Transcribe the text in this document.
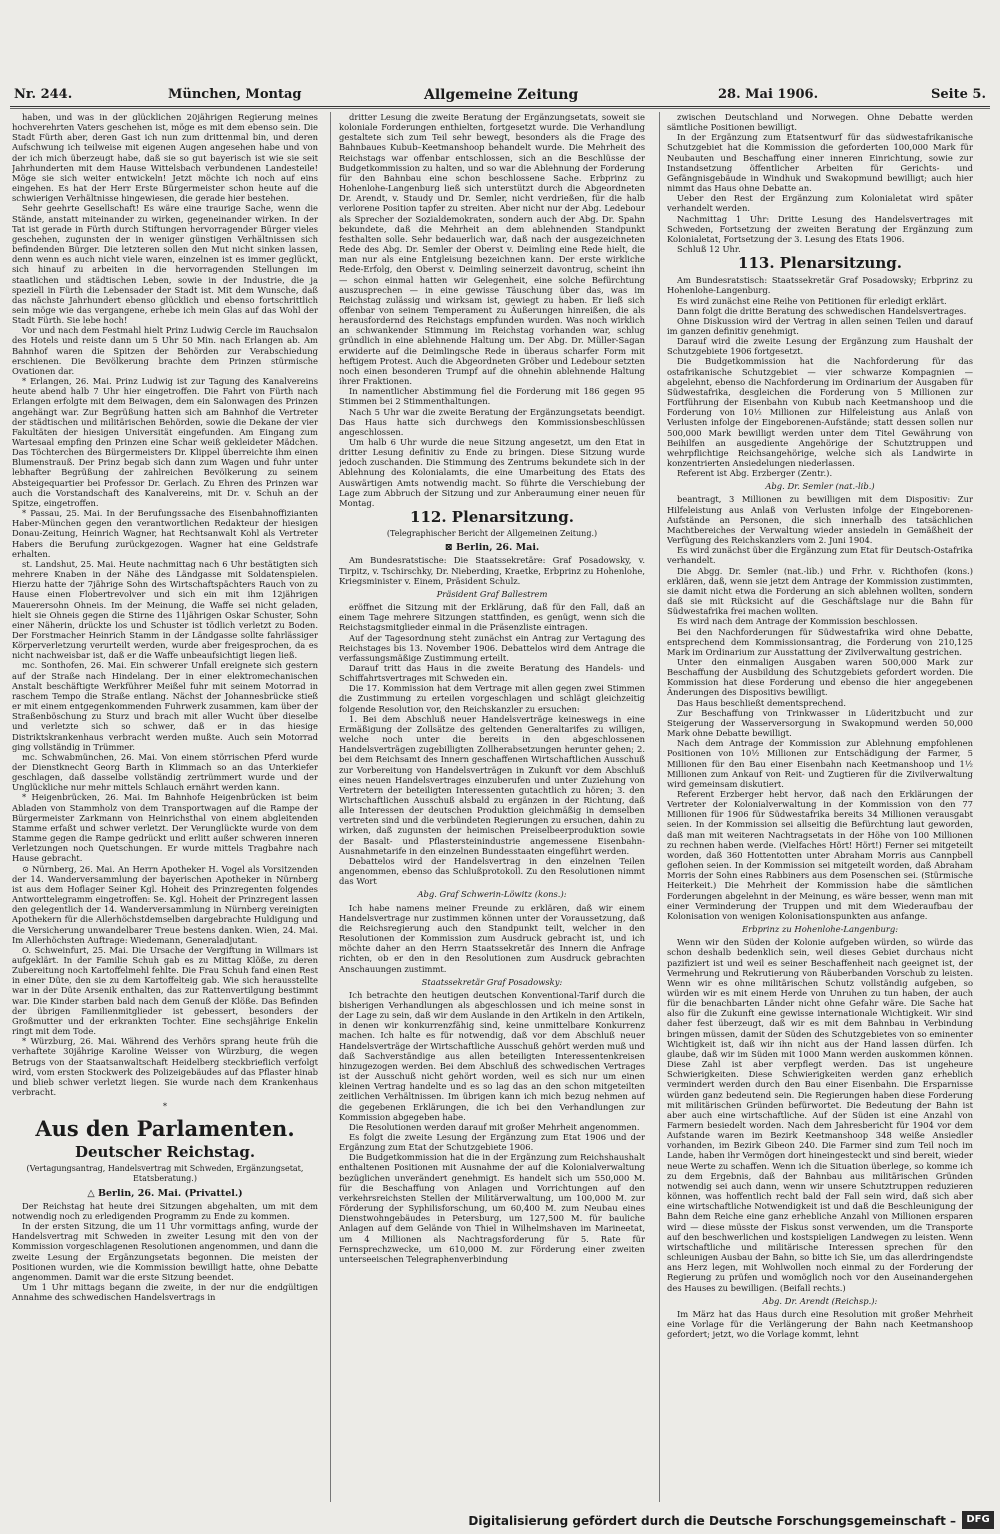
Nr. 244.	München, Montag	Allgemeine Zeitung	28. Mai 1906.	Seite 5.

haben, und was in der glücklichen 20jährigen Regierung meines hochverehrten Vaters geschehen ist, möge es mit dem ebenso sein. Die Stadt Fürth aber, deren Gast ich nun zum drittenmal bin, und deren Aufschwung ich teilweise mit eigenen Augen angesehen habe und von der ich mich überzeugt habe, daß sie so gut bayerisch ist wie sie seit Jahrhunderten mit dem Hause Wittelsbach verbundenen Landesteile! Möge sie sich weiter entwickeln! Jetzt möchte ich noch auf eins eingehen. Es hat der Herr Erste Bürgermeister schon heute auf die schwierigen Verhältnisse hingewiesen, die gerade hier bestehen.

Sehr geehrte Gesellschaft! Es wäre eine traurige Sache, wenn die Stände, anstatt miteinander zu wirken, gegeneinander wirken. In der Tat ist gerade in Fürth durch Stiftungen hervorragender Bürger vieles geschehen, zugunsten der in weniger günstigen Verhältnissen sich befindenden Bürger. Die letzteren sollen den Mut nicht sinken lassen, denn wenn es auch nicht viele waren, einzelnen ist es immer geglückt, sich hinauf zu arbeiten in die hervorragenden Stellungen im staatlichen und städtischen Leben, sowie in der Industrie, die ja speziell in Fürth die Lebensader der Stadt ist. Mit dem Wunsche, daß das nächste Jahrhundert ebenso glücklich und ebenso fortschrittlich sein möge wie das vergangene, erhebe ich mein Glas auf das Wohl der Stadt Fürth. Sie lebe hoch!

Vor und nach dem Festmahl hielt Prinz Ludwig Cercle im Rauchsalon des Hotels und reiste dann um 5 Uhr 50 Min. nach Erlangen ab. Am Bahnhof waren die Spitzen der Behörden zur Verabschiedung erschienen. Die Bevölkerung brachte dem Prinzen stürmische Ovationen dar.

* Erlangen, 26. Mai. Prinz Ludwig ist zur Tagung des Kanalvereins heute abend halb 7 Uhr hier eingetroffen. Die Fahrt von Fürth nach Erlangen erfolgte mit dem Beiwagen, dem ein Salonwagen des Prinzen angehängt war. Zur Begrüßung hatten sich am Bahnhof die Vertreter der städtischen und militärischen Behörden, sowie die Dekane der vier Fakultäten der hiesigen Universität eingefunden. Am Eingang zum Wartesaal empfing den Prinzen eine Schar weiß gekleideter Mädchen. Das Töchterchen des Bürgermeisters Dr. Klippel überreichte ihm einen Blumenstrauß. Der Prinz begab sich dann zum Wagen und fuhr unter lebhafter Begrüßung der zahlreichen Bevölkerung zu seinem Absteigequartier bei Professor Dr. Gerlach. Zu Ehren des Prinzen war auch die Vorstandschaft des Kanalvereins, mit Dr. v. Schuh an der Spitze, eingetroffen.

* Passau, 25. Mai. In der Berufungssache des Eisenbahnoffizianten Haber-München gegen den verantwortlichen Redakteur der hiesigen Donau-Zeitung, Heinrich Wagner, hat Rechtsanwalt Kohl als Vertreter Habers die Berufung zurückgezogen. Wagner hat eine Geldstrafe erhalten.

st. Landshut, 25. Mai. Heute nachmittag nach 6 Uhr bestätigten sich mehrere Knaben in der Nähe des Ländgasse mit Soldatenspielen. Hierzu hatte der 7jährige Sohn des Wirtschaftspächters Rauch von zu Hause einen Flobertrevolver und sich ein mit ihm 12jährigen Mauerersohn Ohneis. Im der Meinung, die Waffe sei nicht geladen, hielt sie Ohneis gegen die Stirne des 11jährigen Oskar Schuster, Sohn einer Näherin, drückte los und Schuster ist tödlich verletzt zu Boden. Der Forstmacher Heinrich Stamm in der Ländgasse sollte fahrlässiger Körperverletzung verurteilt werden, wurde aber freigesprochen, da es nicht nachweisbar ist, daß er die Waffe unbeaufsichtigt liegen ließ.

mc. Sonthofen, 26. Mai. Ein schwerer Unfall ereignete sich gestern auf der Straße nach Hindelang. Der in einer elektromechanischen Anstalt beschäftigte Werkführer Meißel fuhr mit seinem Motorrad in raschem Tempo die Straße entlang. Nächst der Johannesbrücke stieß er mit einem entgegenkommenden Fuhrwerk zusammen, kam über der Straßenböschung zu Sturz und brach mit aller Wucht über dieselbe und verletzte sich so schwer, daß er in das hiesige Distriktskrankenhaus verbracht werden mußte. Auch sein Motorrad ging vollständig in Trümmer.

mc. Schwabmünchen, 26. Mai. Von einem störrischen Pferd wurde der Dienstknecht Georg Barth in Klimmach so an das Unterkiefer geschlagen, daß dasselbe vollständig zertrümmert wurde und der Unglückliche nur mehr mittels Schlauch ernährt werden kann.

* Heigenbrücken, 26. Mai. Im Bahnhofe Heigenbrücken ist beim Abladen von Stammholz von dem Transportwagen auf die Rampe der Bürgermeister Zarkmann von Heinrichsthal von einem abgleitenden Stamme erfaßt und schwer verletzt. Der Verunglückte wurde von dem Stamme gegen die Rampe gedrückt und erlitt außer schweren inneren Verletzungen noch Quetschungen. Er wurde mittels Tragbahre nach Hause gebracht.

⊙ Nürnberg, 26. Mai. An Herrn Apotheker H. Vogel als Vorsitzenden der 14. Wanderversammlung der bayerischen Apotheker in Nürnberg ist aus dem Hoflager Seiner Kgl. Hoheit des Prinzregenten folgendes Antworttelegramm eingetroffen: Se. Kgl. Hoheit der Prinzregent lassen den gelegentlich der 14. Wanderversammlung in Nürnberg vereinigten Apothekern für die Allerhöchstdemselben dargebrachte Huldigung und die Versicherung unwandelbarer Treue bestens danken. Wien, 24. Mai. Im Allerhöchsten Auftrage: Wiedemann, Generaladjutant.

O. Schweinfurt, 25. Mai. Die Ursache der Vergiftung in Willmars ist aufgeklärt. In der Familie Schuh gab es zu Mittag Klöße, zu deren Zubereitung noch Kartoffelmehl fehlte. Die Frau Schuh fand einen Rest in einer Düte, den sie zu dem Kartoffelteig gab. Wie sich herausstellte war in der Düte Arsenik enthalten, das zur Rattenvertilgung bestimmt war. Die Kinder starben bald nach dem Genuß der Klöße. Das Befinden der übrigen Familienmitglieder ist gebessert, besonders der Großmutter und der erkrankten Tochter. Eine sechsjährige Enkelin ringt mit dem Tode.

* Würzburg, 26. Mai. Während des Verhörs sprang heute früh die verhaftete 30jährige Karoline Weisser von Würzburg, die wegen Betrugs von der Staatsanwaltschaft Heidelberg steckbrieflich verfolgt wird, vom ersten Stockwerk des Polizeigebäudes auf das Pflaster hinab und blieb schwer verletzt liegen. Sie wurde nach dem Krankenhaus verbracht.

*

Aus den Parlamenten.

Deutscher Reichstag.

(Vertagungsantrag, Handelsvertrag mit Schweden, Ergänzungsetat, Etatsberatung.)

△ Berlin, 26. Mai. (Privattel.)

Der Reichstag hat heute drei Sitzungen abgehalten, um mit dem notwendig noch zu erledigenden Programm zu Ende zu kommen.

In der ersten Sitzung, die um 11 Uhr vormittags anfing, wurde der Handelsvertrag mit Schweden in zweiter Lesung mit den von der Kommission vorgeschlagenen Resolutionen angenommen, und dann die zweite Lesung der Ergänzungsetats begonnen. Die meisten der Positionen wurden, wie die Kommission bewilligt hatte, ohne Debatte angenommen. Damit war die erste Sitzung beendet.

Um 1 Uhr mittags begann die zweite, in der nur die endgültigen Annahme des schwedischen Handelsvertrags in

dritter Lesung die zweite Beratung der Ergänzungsetats, soweit sie koloniale Forderungen enthielten, fortgesetzt wurde. Die Verhandlung gestaltete sich zum Teil sehr bewegt, besonders als die Frage des Bahnbaues Kubub–Keetmanshoop behandelt wurde. Die Mehrheit des Reichstags war offenbar entschlossen, sich an die Beschlüsse der Budgetkommission zu halten, und so war die Ablehnung der Forderung für den Bahnbau eine schon beschlossene Sache. Erbprinz zu Hohenlohe-Langenburg ließ sich unterstützt durch die Abgeordneten Dr. Arendt, v. Staudy und Dr. Semler, nicht verdrießen, für die halb verlorene Position tapfer zu streiten. Aber nicht nur der Abg. Ledebour als Sprecher der Sozialdemokraten, sondern auch der Abg. Dr. Spahn bekundete, daß die Mehrheit an dem ablehnenden Standpunkt festhalten solle. Sehr bedauerlich war, daß nach der ausgezeichneten Rede des Abg. Dr. Semler der Oberst v. Deimling eine Rede hielt, die man nur als eine Entgleisung bezeichnen kann. Der erste wirkliche Rede-Erfolg, den Oberst v. Deimling seinerzeit davontrug, scheint ihn — schon einmal hatten wir Gelegenheit, eine solche Befürchtung auszusprechen — in eine gewisse Täuschung über das, was im Reichstag zulässig und wirksam ist, gewiegt zu haben. Er ließ sich offenbar von seinem Temperament zu Äußerungen hinreißen, die als herausfordernd des Reichstags empfunden wurden. Was noch wirklich an schwankender Stimmung im Reichstag vorhanden war, schlug gründlich in eine ablehnende Haltung um. Der Abg. Dr. Müller-Sagan erwiderte auf die Deimlingsche Rede in überaus scharfer Form mit heftigem Protest. Auch die Abgeordneten Gröber und Ledebour setzten noch einen besonderen Trumpf auf die ohnehin ablehnende Haltung ihrer Fraktionen.

In namentlicher Abstimmung fiel die Forderung mit 186 gegen 95 Stimmen bei 2 Stimmenthaltungen.

Nach 5 Uhr war die zweite Beratung der Ergänzungsetats beendigt. Das Haus hatte sich durchwegs den Kommissionsbeschlüssen angeschlossen.

Um halb 6 Uhr wurde die neue Sitzung angesetzt, um den Etat in dritter Lesung definitiv zu Ende zu bringen. Diese Sitzung wurde jedoch zuschanden. Die Stimmung des Zentrums bekundete sich in der Ablehnung des Kolonialamts, die eine Umarbeitung des Etats des Auswärtigen Amts notwendig macht. So führte die Verschiebung der Lage zum Abbruch der Sitzung und zur Anberaumung einer neuen für Montag.

112. Plenarsitzung.

(Telegraphischer Bericht der Allgemeinen Zeitung.)

⊠ Berlin, 26. Mai.

Am Bundesratstische: Die Staatssekretäre: Graf Posadowsky, v. Tirpitz, v. Tschirschky, Dr. Nieberding, Kraetke, Erbprinz zu Hohenlohe, Kriegsminister v. Einem, Präsident Schulz.

Präsident Graf Ballestrem

eröffnet die Sitzung mit der Erklärung, daß für den Fall, daß an einem Tage mehrere Sitzungen stattfinden, es genügt, wenn sich die Reichstagsmitglieder einmal in die Präsenzliste eintragen.

Auf der Tagesordnung steht zunächst ein Antrag zur Vertagung des Reichstages bis 13. November 1906. Debattelos wird dem Antrage die verfassungsmäßige Zustimmung erteilt.

Darauf tritt das Haus in die zweite Beratung des Handels- und Schiffahrtsvertrages mit Schweden ein.

Die 17. Kommission hat dem Vertrage mit allen gegen zwei Stimmen die Zustimmung zu erteilen vorgeschlagen und schlägt gleichzeitig folgende Resolution vor, den Reichskanzler zu ersuchen:

1. Bei dem Abschluß neuer Handelsverträge keineswegs in eine Ermäßigung der Zollsätze des geltenden Generaltarifes zu willigen, welche noch unter die bereits in den abgeschlossenen Handelsverträgen zugebilligten Zollherabsetzungen herunter gehen; 2. bei dem Reichsamt des Innern geschaffenen Wirtschaftlichen Ausschuß zur Vorbereitung von Handelsverträgen in Zukunft vor dem Abschluß eines neuen Handelsvertrages einzuberufen und unter Zuziehung von Vertretern der beteiligten Interessenten gutachtlich zu hören; 3. den Wirtschaftlichen Ausschuß alsbald zu ergänzen in der Richtung, daß alle Interessen der deutschen Produktion gleichmäßig in demselben vertreten sind und die verbündeten Regierungen zu ersuchen, dahin zu wirken, daß zugunsten der heimischen Preiselbeerproduktion sowie der Basalt- und Pflastersteinindustrie angemessene Eisenbahn-Ausnahmetarife in den einzelnen Bundesstaaten eingeführt werden.

Debattelos wird der Handelsvertrag in den einzelnen Teilen angenommen, ebenso das Schlußprotokoll. Zu den Resolutionen nimmt das Wort

Abg. Graf Schwerin-Löwitz (kons.):

Ich habe namens meiner Freunde zu erklären, daß wir einem Handelsvertrage nur zustimmen können unter der Voraussetzung, daß die Reichsregierung auch den Standpunkt teilt, welcher in den Resolutionen der Kommission zum Ausdruck gebracht ist, und ich möchte daher an den Herrn Staatssekretär des Innern die Anfrage richten, ob er den in den Resolutionen zum Ausdruck gebrachten Anschauungen zustimmt.

Staatssekretär Graf Posadowsky:

Ich betrachte den heutigen deutschen Konventional-Tarif durch die bisherigen Verhandlungen als abgeschlossen und ich meine sonst in der Lage zu sein, daß wir dem Auslande in den Artikeln in den Artikeln, in denen wir konkurrenzfähig sind, keine unmittelbare Konkurrenz machen. Ich halte es für notwendig, daß vor dem Abschluß neuer Handelsverträge der Wirtschaftliche Ausschuß gehört werden muß und daß Sachverständige aus allen beteiligten Interessentenkreisen hinzugezogen werden. Bei dem Abschluß des schwedischen Vertrages ist der Ausschuß nicht gehört worden, weil es sich nur um einen kleinen Vertrag handelte und es so lag das an den schon mitgeteilten zeitlichen Verhältnissen. Im übrigen kann ich mich bezug nehmen auf die gegebenen Erklärungen, die ich bei den Verhandlungen zur Kommission abgegeben habe.

Die Resolutionen werden darauf mit großer Mehrheit angenommen.

Es folgt die zweite Lesung der Ergänzung zum Etat 1906 und der Ergänzung zum Etat der Schutzgebiete 1906.

Die Budgetkommission hat die in der Ergänzung zum Reichshaushalt enthaltenen Positionen mit Ausnahme der auf die Kolonialverwaltung bezüglichen unverändert genehmigt. Es handelt sich um 550,000 M. für die Beschaffung von Anlagen und Vorrichtungen auf den verkehrsreichsten Stellen der Militärverwaltung, um 100,000 M. zur Förderung der Syphilisforschung, um 60,400 M. zum Neubau eines Dienstwohngebäudes in Petersburg, um 127,500 M. für bauliche Anlagen auf dem Gelände von Thiel in Wilhelmshaven im Marineetat, um 4 Millionen als Nachtragsforderung für 5. Rate für Fernsprechzwecke, um 610,000 M. zur Förderung einer zweiten unterseeischen Telegraphenverbindung

zwischen Deutschland und Norwegen. Ohne Debatte werden sämtliche Positionen bewilligt.

In der Ergänzung zum Etatsentwurf für das südwestafrikanische Schutzgebiet hat die Kommission die geforderten 100,000 Mark für Neubauten und Beschaffung einer inneren Einrichtung, sowie zur Instandsetzung öffentlicher Arbeiten für Gerichts- und Gefängnisgebäude in Windhuk und Swakopmund bewilligt; auch hier nimmt das Haus ohne Debatte an.

Ueber den Rest der Ergänzung zum Kolonialetat wird später verhandelt werden.

Nachmittag 1 Uhr: Dritte Lesung des Handelsvertrages mit Schweden, Fortsetzung der zweiten Beratung der Ergänzung zum Kolonialetat, Fortsetzung der 3. Lesung des Etats 1906.

Schluß 12 Uhr.

113. Plenarsitzung.

Am Bundesratstisch: Staatssekretär Graf Posadowsky; Erbprinz zu Hohenlohe-Langenburg.

Es wird zunächst eine Reihe von Petitionen für erledigt erklärt.

Dann folgt die dritte Beratung des schwedischen Handelsvertrages.

Ohne Diskussion wird der Vertrag in allen seinen Teilen und darauf im ganzen definitiv genehmigt.

Darauf wird die zweite Lesung der Ergänzung zum Haushalt der Schutzgebiete 1906 fortgesetzt.

Die Budgetkommission hat die Nachforderung für das ostafrikanische Schutzgebiet — vier schwarze Kompagnien — abgelehnt, ebenso die Nachforderung im Ordinarium der Ausgaben für Südwestafrika, desgleichen die Forderung von 5 Millionen zur Fortführung der Eisenbahn von Kubub nach Keetmanshoop und die Forderung von 10½ Millionen zur Hilfeleistung aus Anlaß von Verlusten infolge der Eingeborenen-Aufstände; statt dessen sollen nur 500,000 Mark bewilligt werden unter dem Titel Gewährung von Beihilfen an ausgediente Angehörige der Schutztruppen und wehrpflichtige Reichsangehörige, welche sich als Landwirte in konzentrierten Ansiedelungen niederlassen.

Referent ist Abg. Erzberger (Zentr.).

Abg. Dr. Semler (nat.-lib.)

beantragt, 3 Millionen zu bewilligen mit dem Dispositiv: Zur Hilfeleistung aus Anlaß von Verlusten infolge der Eingeborenen-Aufstände an Personen, die sich innerhalb des tatsächlichen Machtbereiches der Verwaltung wieder ansiedeln in Gemäßheit der Verfügung des Reichskanzlers vom 2. Juni 1904.

Es wird zunächst über die Ergänzung zum Etat für Deutsch-Ostafrika verhandelt.

Die Abgg. Dr. Semler (nat.-lib.) und Frhr. v. Richthofen (kons.) erklären, daß, wenn sie jetzt dem Antrage der Kommission zustimmten, sie damit nicht etwa die Forderung an sich ablehnen wollten, sondern daß sie mit Rücksicht auf die Geschäftslage nur die Bahn für Südwestafrika frei machen wollten.

Es wird nach dem Antrage der Kommission beschlossen.

Bei den Nachforderungen für Südwestafrika wird ohne Debatte, entsprechend dem Kommissionsantrag, die Forderung von 210,125 Mark im Ordinarium zur Ausstattung der Zivilverwaltung gestrichen.

Unter den einmaligen Ausgaben waren 500,000 Mark zur Beschaffung der Ausbildung des Schutzgebiets gefordert worden. Die Kommission hat diese Forderung und ebenso die hier angegebenen Änderungen des Dispositivs bewilligt.

Das Haus beschließt dementsprechend.

Zur Beschaffung von Trinkwasser in Lüderitzbucht und zur Steigerung der Wasserversorgung in Swakopmund werden 50,000 Mark ohne Debatte bewilligt.

Nach dem Antrage der Kommission zur Ablehnung empfohlenen Positionen von 10½ Millionen zur Entschädigung der Farmer, 5 Millionen für den Bau einer Eisenbahn nach Keetmanshoop und 1½ Millionen zum Ankauf von Reit- und Zugtieren für die Zivilverwaltung wird gemeinsam diskutiert.

Referent Erzberger hebt hervor, daß nach den Erklärungen der Vertreter der Kolonialverwaltung in der Kommission von den 77 Millionen für 1906 für Südwestafrika bereits 34 Millionen verausgabt seien. In der Kommission sei allseitig die Befürchtung laut geworden, daß man mit weiteren Nachtragsetats in der Höhe von 100 Millionen zu rechnen haben werde. (Vielfaches Hört! Hört!) Ferner sei mitgeteilt worden, daß 360 Hottentotten unter Abraham Morris aus Cannpbell geflohen seien. In der Kommission sei mitgeteilt worden, daß Abraham Morris der Sohn eines Rabbiners aus dem Posenschen sei. (Stürmische Heiterkeit.) Die Mehrheit der Kommission habe die sämtlichen Forderungen abgelehnt in der Meinung, es wäre besser, wenn man mit einer Verminderung der Truppen und mit dem Wiederaufbau der Kolonisation von wenigen Kolonisationspunkten aus anfange.

Erbprinz zu Hohenlohe-Langenburg:

Wenn wir den Süden der Kolonie aufgeben würden, so würde das schon deshalb bedenklich sein, weil dieses Gebiet durchaus nicht pazifiziert ist und weil es seiner Beschaffenheit nach geeignet ist, der Vermehrung und Rekrutierung von Räuberbanden Vorschub zu leisten. Wenn wir es ohne militärischen Schutz vollständig aufgeben, so würden wir es mit einem Herde von Unruhen zu tun haben, der auch für die benachbarten Länder nicht ohne Gefahr wäre. Die Sache hat also für die Zukunft eine gewisse internationale Wichtigkeit. Wir sind daher fest überzeugt, daß wir es mit dem Bahnbau in Verbindung bringen müssen, damit der Süden des Schutzgebietes von so eminenter Wichtigkeit ist, daß wir ihn nicht aus der Hand lassen dürfen. Ich glaube, daß wir im Süden mit 1000 Mann werden auskommen können. Diese Zahl ist aber verpflegt werden. Das ist ungeheure Schwierigkeiten. Diese Schwierigkeiten werden ganz erheblich vermindert werden durch den Bau einer Eisenbahn. Die Ersparnisse würden ganz bedeutend sein. Die Regierungen haben diese Forderung mit militärischen Gründen befürwortet. Die Bedeutung der Bahn ist aber auch eine wirtschaftliche. Auf der Süden ist eine Anzahl von Farmern besiedelt worden. Nach dem Jahresbericht für 1904 vor dem Aufstande waren im Bezirk Keetmanshoop 348 weiße Ansiedler vorhanden, im Bezirk Gibeon 240. Die Farmer sind zum Teil noch im Lande, haben ihr Vermögen dort hineingesteckt und sind bereit, wieder neue Werte zu schaffen. Wenn ich die Situation überlege, so komme ich zu dem Ergebnis, daß der Bahnbau aus militärischen Gründen notwendig sei auch dann, wenn wir unsere Schutztruppen reduzieren können, was hoffentlich recht bald der Fall sein wird, daß sich aber eine wirtschaftliche Notwendigkeit ist und daß die Beschleunigung der Bahn dem Reiche eine ganz erhebliche Anzahl von Millionen ersparen wird — diese müsste der Fiskus sonst verwenden, um die Transporte auf den beschwerlichen und kostspieligen Landwegen zu leisten. Wenn wirtschaftliche und militärische Interessen sprechen für den schleunigen Ausbau der Bahn, so bitte ich Sie, um das allerdringendste ans Herz legen, mit Wohlwollen noch einmal zu der Forderung der Regierung zu prüfen und womöglich noch vor den Auseinandergehen des Hauses zu bewilligen. (Beifall rechts.)

Abg. Dr. Arendt (Reichsp.):

Im März hat das Haus durch eine Resolution mit großer Mehrheit eine Vorlage für die Verlängerung der Bahn nach Keetmanshoop gefordert; jetzt, wo die Vorlage kommt, lehnt

Digitalisierung gefördert durch die Deutsche Forschungsgemeinschaft –	DFG
